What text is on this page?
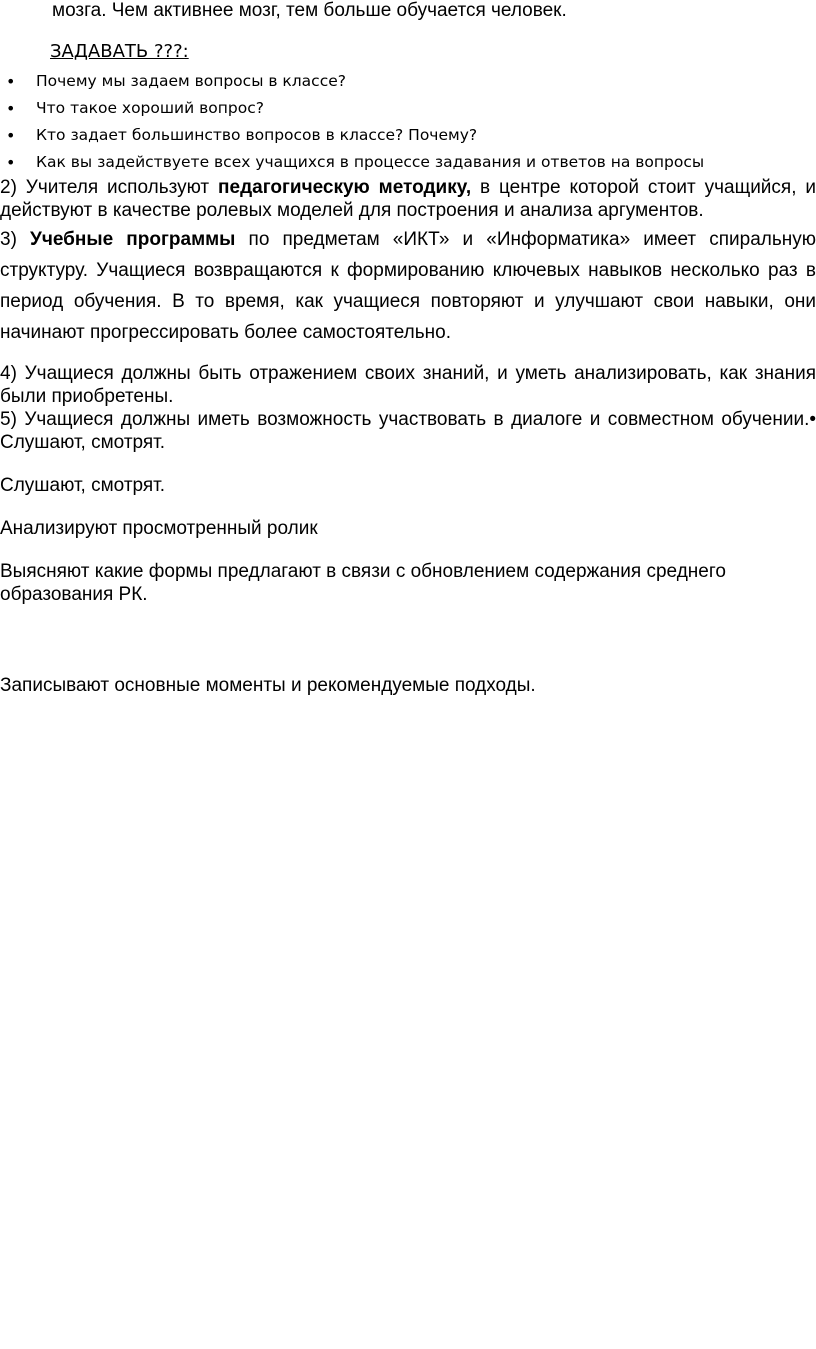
мозга. Чем активнее мозг, тем больше обучается человек.

ЗАДАВАТЬ ???:
• Почему мы задаем вопросы в классе?
• Что такое хороший вопрос?
• Кто задает большинство вопросов в классе? Почему?
• Как вы задействуете всех учащихся в процессе задавания и ответов на вопросы

2) Учителя используют педагогическую методику, в центре которой стоит учащийся, и действуют в качестве ролевых моделей для построения и анализа аргументов.

3) Учебные программы по предметам «ИКТ» и «Информатика» имеет спиральную структуру. Учащиеся возвращаются к формированию ключевых навыков несколько раз в период обучения. В то время, как учащиеся повторяют и улучшают свои навыки, они начинают прогрессировать более самостоятельно.

4) Учащиеся должны быть отражением своих знаний, и уметь анализировать, как знания были приобретены.

5) Учащиеся должны иметь возможность участвовать в диалоге и совместном обучении.• Слушают, смотрят.

Слушают, смотрят.

Анализируют просмотренный ролик

Выясняют какие формы предлагают в связи с обновлением содержания среднего образования РК.

Записывают основные моменты и рекомендуемые подходы.
